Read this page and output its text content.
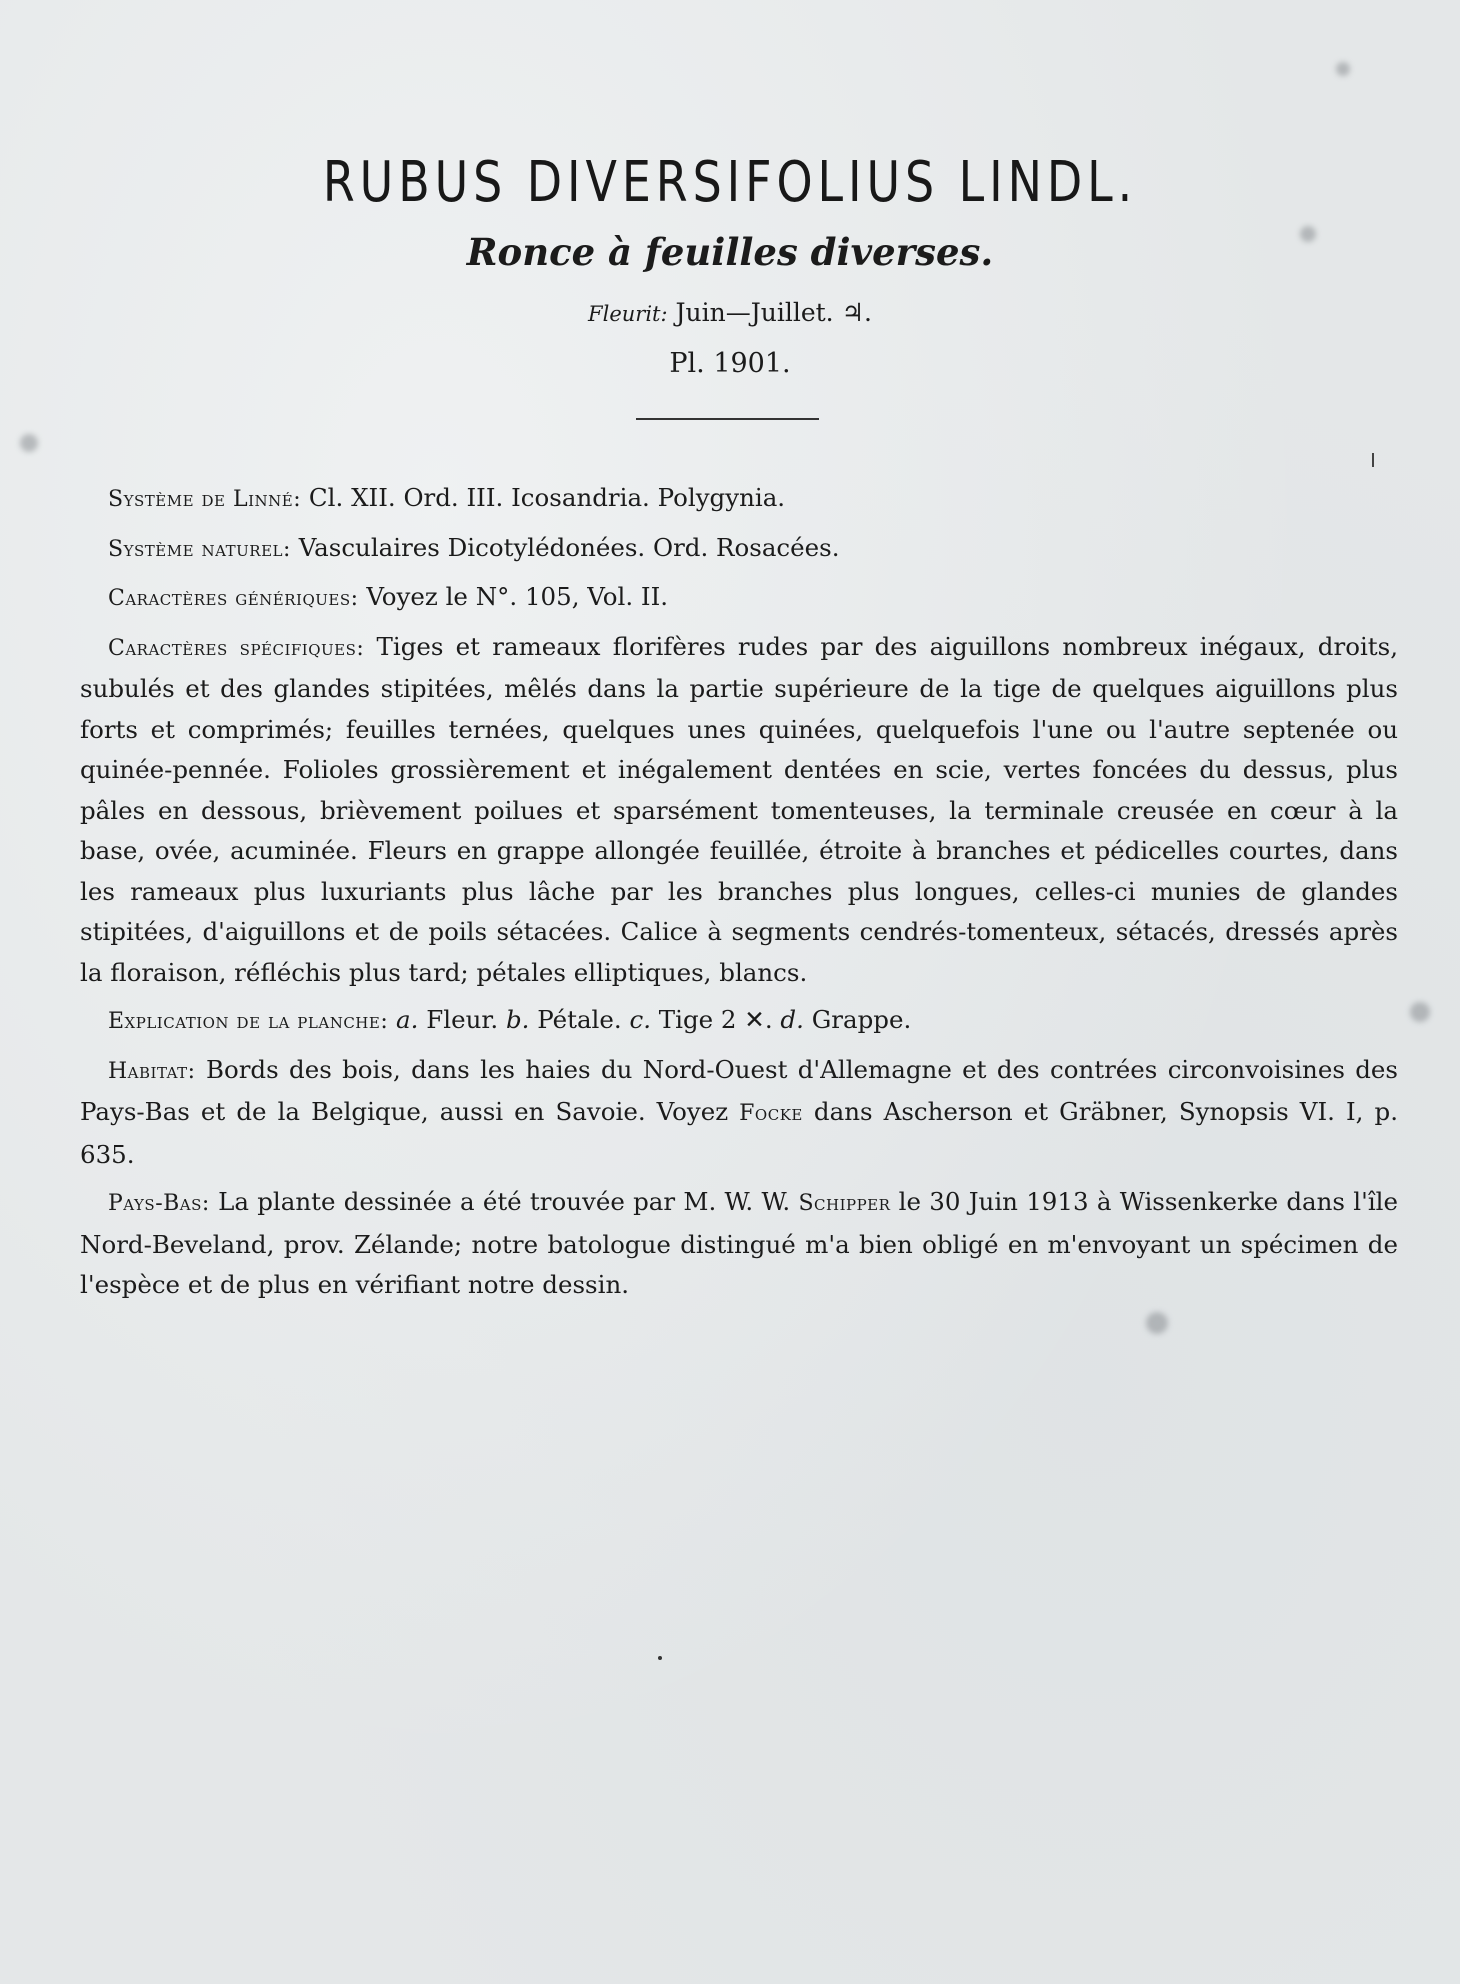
RUBUS DIVERSIFOLIUS LINDL.
Ronce à feuilles diverses.
Fleurit: Juin—Juillet. ♃.
Pl. 1901.

Système de Linné: Cl. XII. Ord. III. Icosandria. Polygynia.

Système naturel: Vasculaires Dicotylédonées. Ord. Rosacées.

Caractères génériques: Voyez le N°. 105, Vol. II.

Caractères spécifiques: Tiges et rameaux florifères rudes par des aiguillons nombreux inégaux, droits, subulés et des glandes stipitées, mêlés dans la partie supérieure de la tige de quelques aiguillons plus forts et comprimés; feuilles ternées, quelques unes quinées, quelquefois l'une ou l'autre septenée ou quinée-pennée. Folioles grossièrement et inégalement dentées en scie, vertes foncées du dessus, plus pâles en dessous, brièvement poilues et sparsément tomenteuses, la terminale creusée en cœur à la base, ovée, acuminée. Fleurs en grappe allongée feuillée, étroite à branches et pédicelles courtes, dans les rameaux plus luxuriants plus lâche par les branches plus longues, celles-ci munies de glandes stipitées, d'aiguillons et de poils sétacées. Calice à segments cendrés-tomenteux, sétacés, dressés après la floraison, réfléchis plus tard; pétales elliptiques, blancs.

Explication de la planche: a. Fleur. b. Pétale. c. Tige 2 ✕. d. Grappe.

Habitat: Bords des bois, dans les haies du Nord-Ouest d'Allemagne et des contrées circonvoisines des Pays-Bas et de la Belgique, aussi en Savoie. Voyez Focke dans Ascherson et Gräbner, Synopsis VI. I, p. 635.

Pays-Bas: La plante dessinée a été trouvée par M. W. W. Schipper le 30 Juin 1913 à Wissenkerke dans l'île Nord-Beveland, prov. Zélande; notre batologue distingué m'a bien obligé en m'envoyant un spécimen de l'espèce et de plus en vérifiant notre dessin.
